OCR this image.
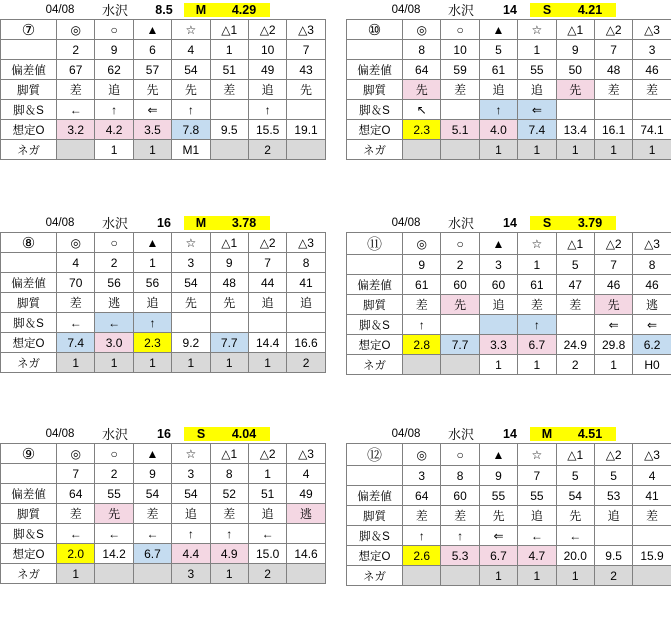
04/08	水沢	8.5	M	4.29
⑦	◎	○	▲	☆	△1	△2	△3
	2	9	6	4	1	10	7
偏差値	67	62	57	54	51	49	43
脚質	差	追	先	先	差	追	先
脚＆S	←	↑	⇐	↑		↑	
想定O	3.2	4.2	3.5	7.8	9.5	15.5	19.1
ネガ		1	1	M1		2	
04/08	水沢	16	M	3.78
⑧	◎	○	▲	☆	△1	△2	△3
	4	2	1	3	9	7	8
偏差値	70	56	56	54	48	44	41
脚質	差	逃	追	先	先	追	追
脚＆S	←	←	↑				
想定O	7.4	3.0	2.3	9.2	7.7	14.4	16.6
ネガ	1	1	1	1	1	1	2
04/08	水沢	16	S	4.04
⑨	◎	○	▲	☆	△1	△2	△3
	7	2	9	3	8	1	4
偏差値	64	55	54	54	52	51	49
脚質	差	先	差	追	差	追	逃
脚＆S	←	←	←	↑	↑	←	
想定O	2.0	14.2	6.7	4.4	4.9	15.0	14.6
ネガ	1			3	1	2	
04/08	水沢	14	S	4.21
⑩	◎	○	▲	☆	△1	△2	△3
	8	10	5	1	9	7	3
偏差値	64	59	61	55	50	48	46
脚質	先	差	追	追	先	差	差
脚＆S	↖		↑	⇐			
想定O	2.3	5.1	4.0	7.4	13.4	16.1	74.1
ネガ			1	1	1	1	1
04/08	水沢	14	S	3.79
⑪	◎	○	▲	☆	△1	△2	△3
	9	2	3	1	5	7	8
偏差値	61	60	60	61	47	46	46
脚質	差	先	追	差	差	先	逃
脚＆S	↑			↑		⇐	⇐
想定O	2.8	7.7	3.3	6.7	24.9	29.8	6.2
ネガ			1	1	2	1	H0
04/08	水沢	14	M	4.51
⑫	◎	○	▲	☆	△1	△2	△3
	3	8	9	7	5	5	4
偏差値	64	60	55	55	54	53	41
脚質	差	差	先	追	先	追	差
脚＆S	↑	↑	⇐	←	←		
想定O	2.6	5.3	6.7	4.7	20.0	9.5	15.9
ネガ			1	1	1	2	
